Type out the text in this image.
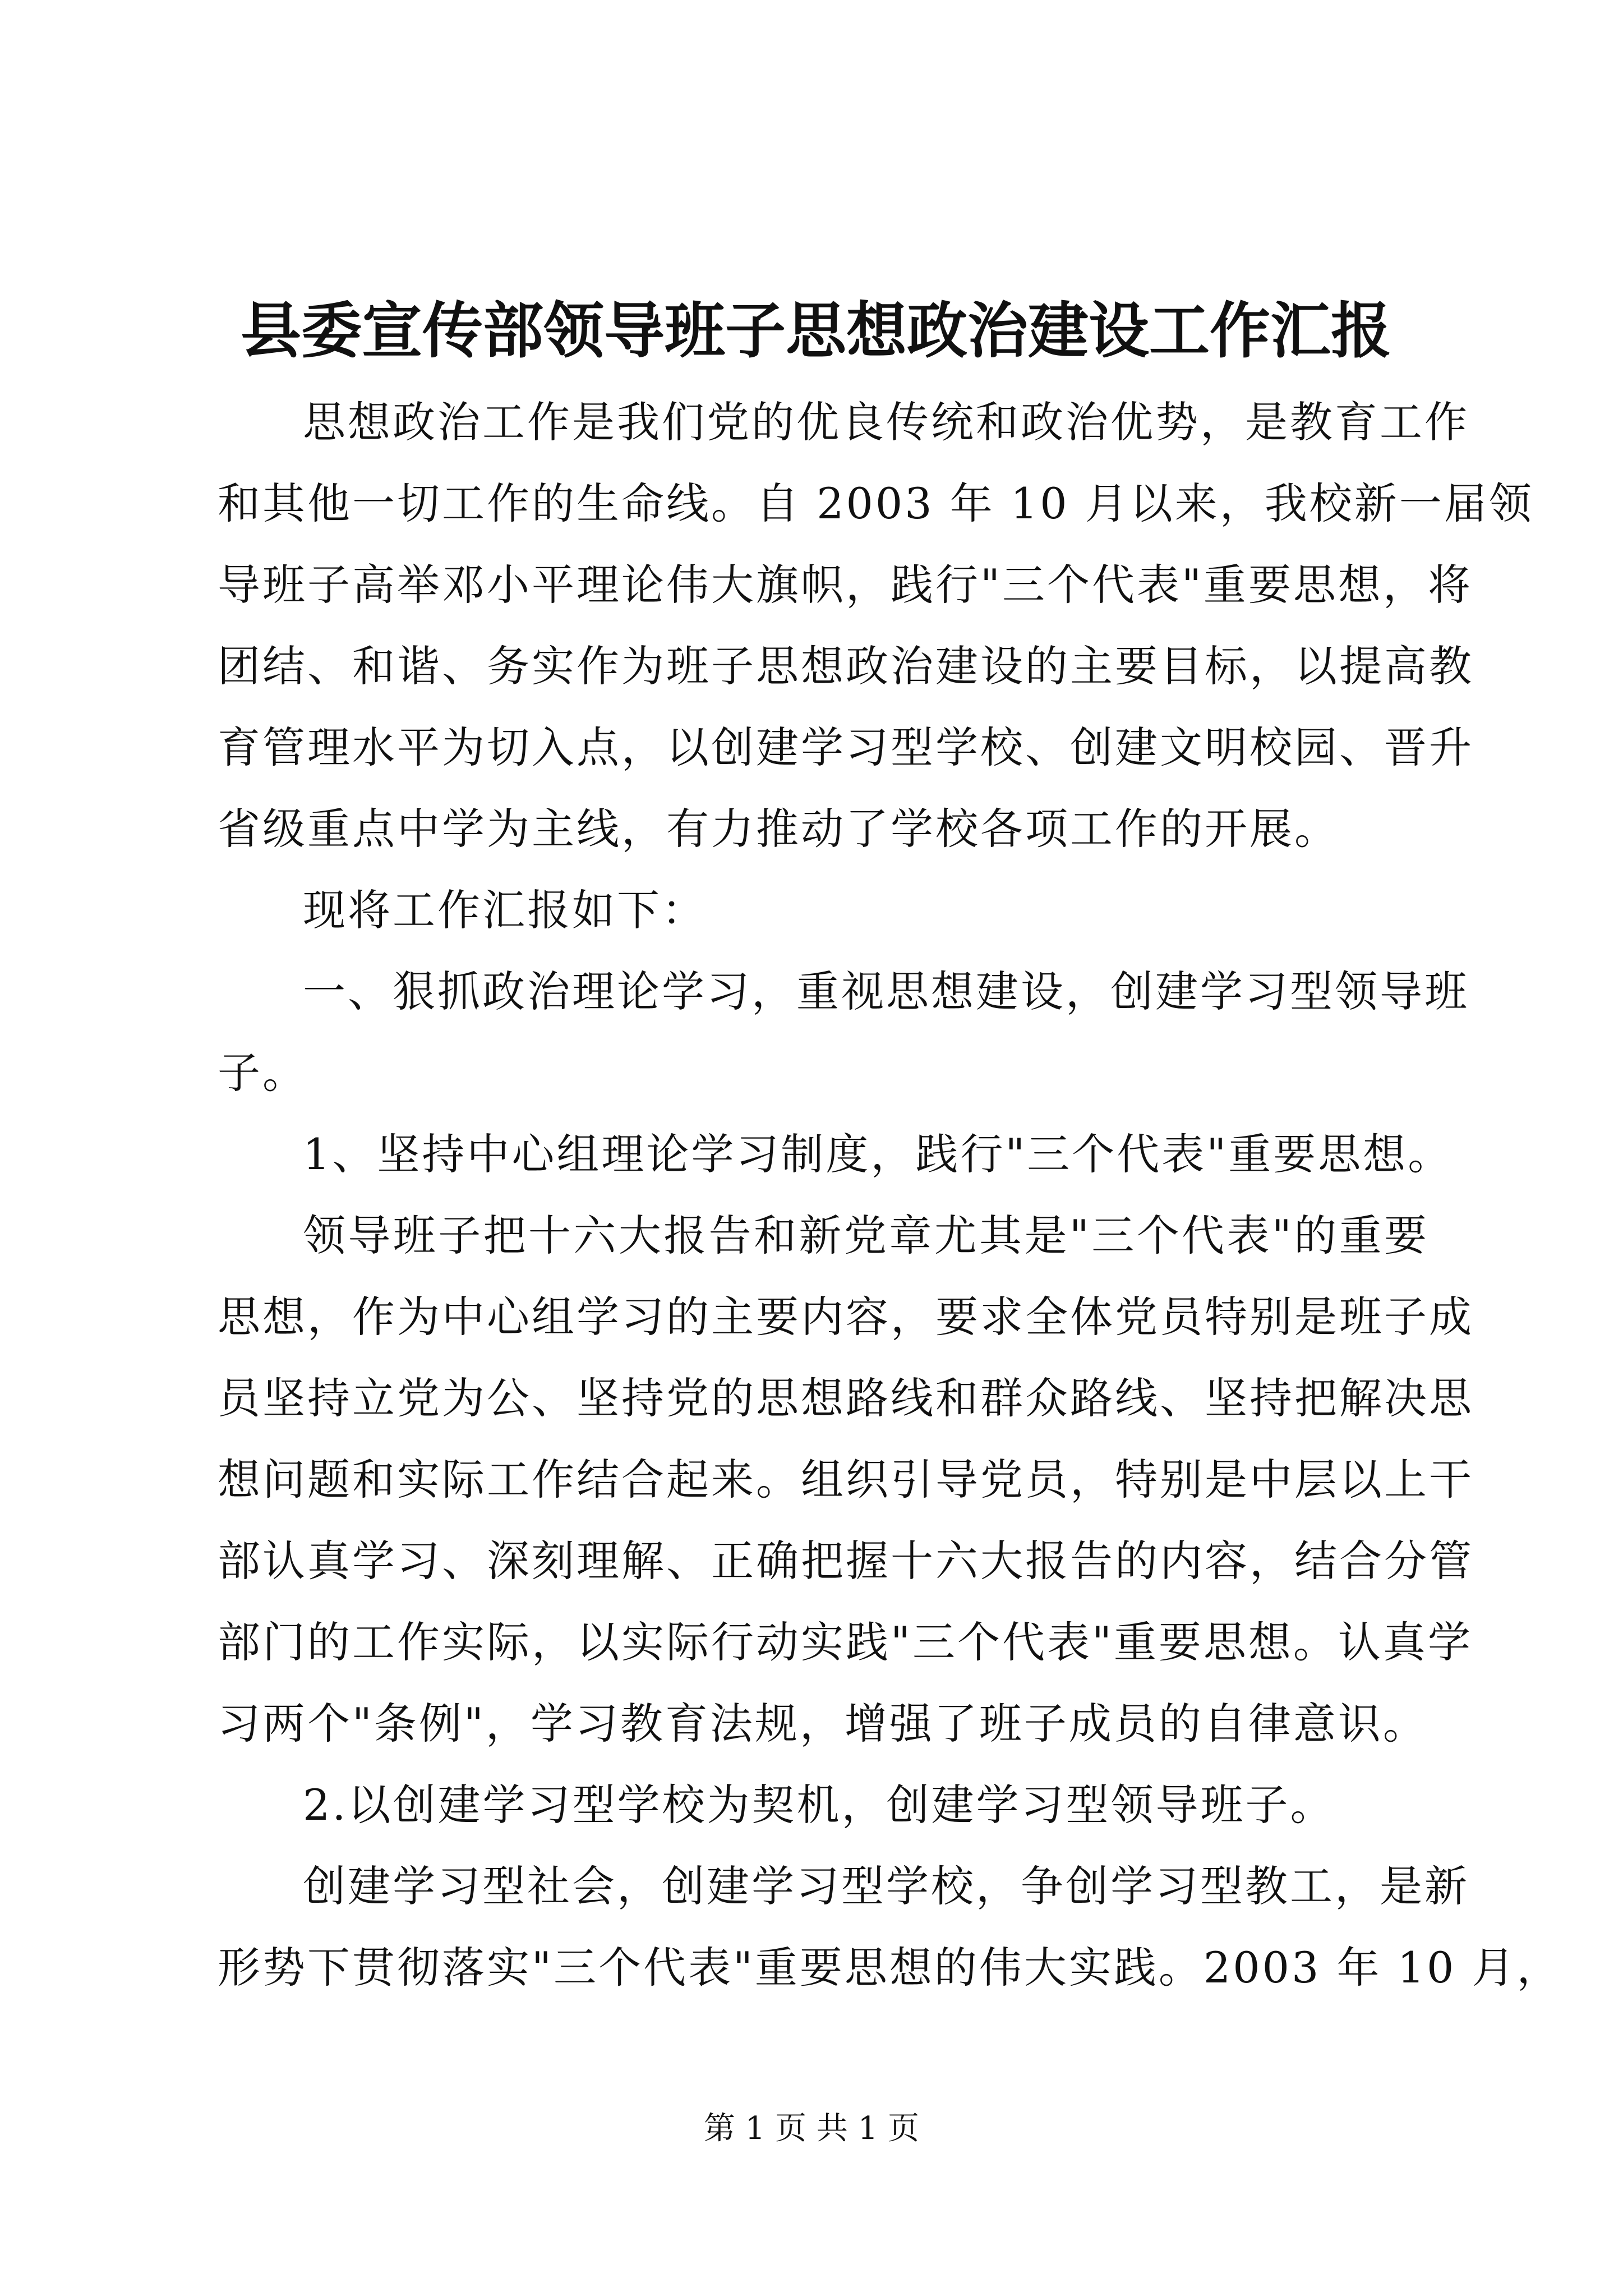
县委宣传部领导班子思想政治建设工作汇报

思想政治工作是我们党的优良传统和政治优势，是教育工作

和其他一切工作的生命线。自 2003 年 10 月以来，我校新一届领

导班子高举邓小平理论伟大旗帜，践行"三个代表"重要思想，将

团结、和谐、务实作为班子思想政治建设的主要目标，以提高教

育管理水平为切入点，以创建学习型学校、创建文明校园、晋升

省级重点中学为主线，有力推动了学校各项工作的开展。

现将工作汇报如下：

一、狠抓政治理论学习，重视思想建设，创建学习型领导班

子。

1、坚持中心组理论学习制度，践行"三个代表"重要思想。

领导班子把十六大报告和新党章尤其是"三个代表"的重要

思想，作为中心组学习的主要内容，要求全体党员特别是班子成

员坚持立党为公、坚持党的思想路线和群众路线、坚持把解决思

想问题和实际工作结合起来。组织引导党员，特别是中层以上干

部认真学习、深刻理解、正确把握十六大报告的内容，结合分管

部门的工作实际，以实际行动实践"三个代表"重要思想。认真学

习两个"条例"，学习教育法规，增强了班子成员的自律意识。

2.以创建学习型学校为契机，创建学习型领导班子。

创建学习型社会，创建学习型学校，争创学习型教工，是新

形势下贯彻落实"三个代表"重要思想的伟大实践。2003 年 10 月，

第 1 页 共 1 页
